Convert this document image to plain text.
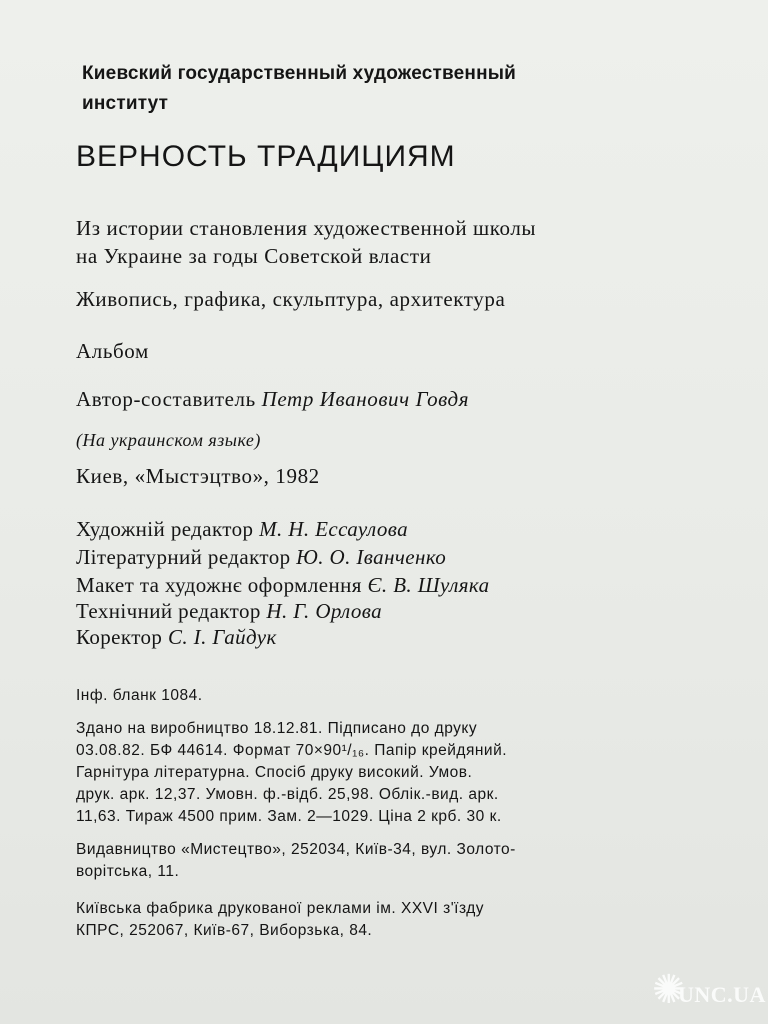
Киевский государственный художественный
институт
ВЕРНОСТЬ ТРАДИЦИЯМ
Из истории становления художественной школы
на Украине за годы Советской власти
Живопись, графика, скульптура, архитектура
Альбом
Автор-составитель Петр Иванович Говдя
(На украинском языке)
Киев, «Мыстэцтво», 1982
Художній редактор М. Н. Ессаулова
Літературний редактор Ю. О. Іванченко
Макет та художнє оформлення Є. В. Шуляка
Технічний редактор Н. Г. Орлова
Коректор С. І. Гайдук
Інф. бланк 1084.
Здано на виробництво 18.12.81. Підписано до друку
03.08.82. БФ 44614. Формат 70×90¹/₁₆. Папір крейдяний.
Гарнітура літературна. Спосіб друку високий. Умов.
друк. арк. 12,37. Умовн. ф.-відб. 25,98. Облік.-вид. арк.
11,63. Тираж 4500 прим. Зам. 2—1029. Ціна 2 крб. 30 к.
Видавництво «Мистецтво», 252034, Київ-34, вул. Золото-
ворітська, 11.
Київська фабрика друкованої реклами ім. XXVI з'їзду
КПРС, 252067, Київ-67, Виборзька, 84.
✺
UNC.UA
